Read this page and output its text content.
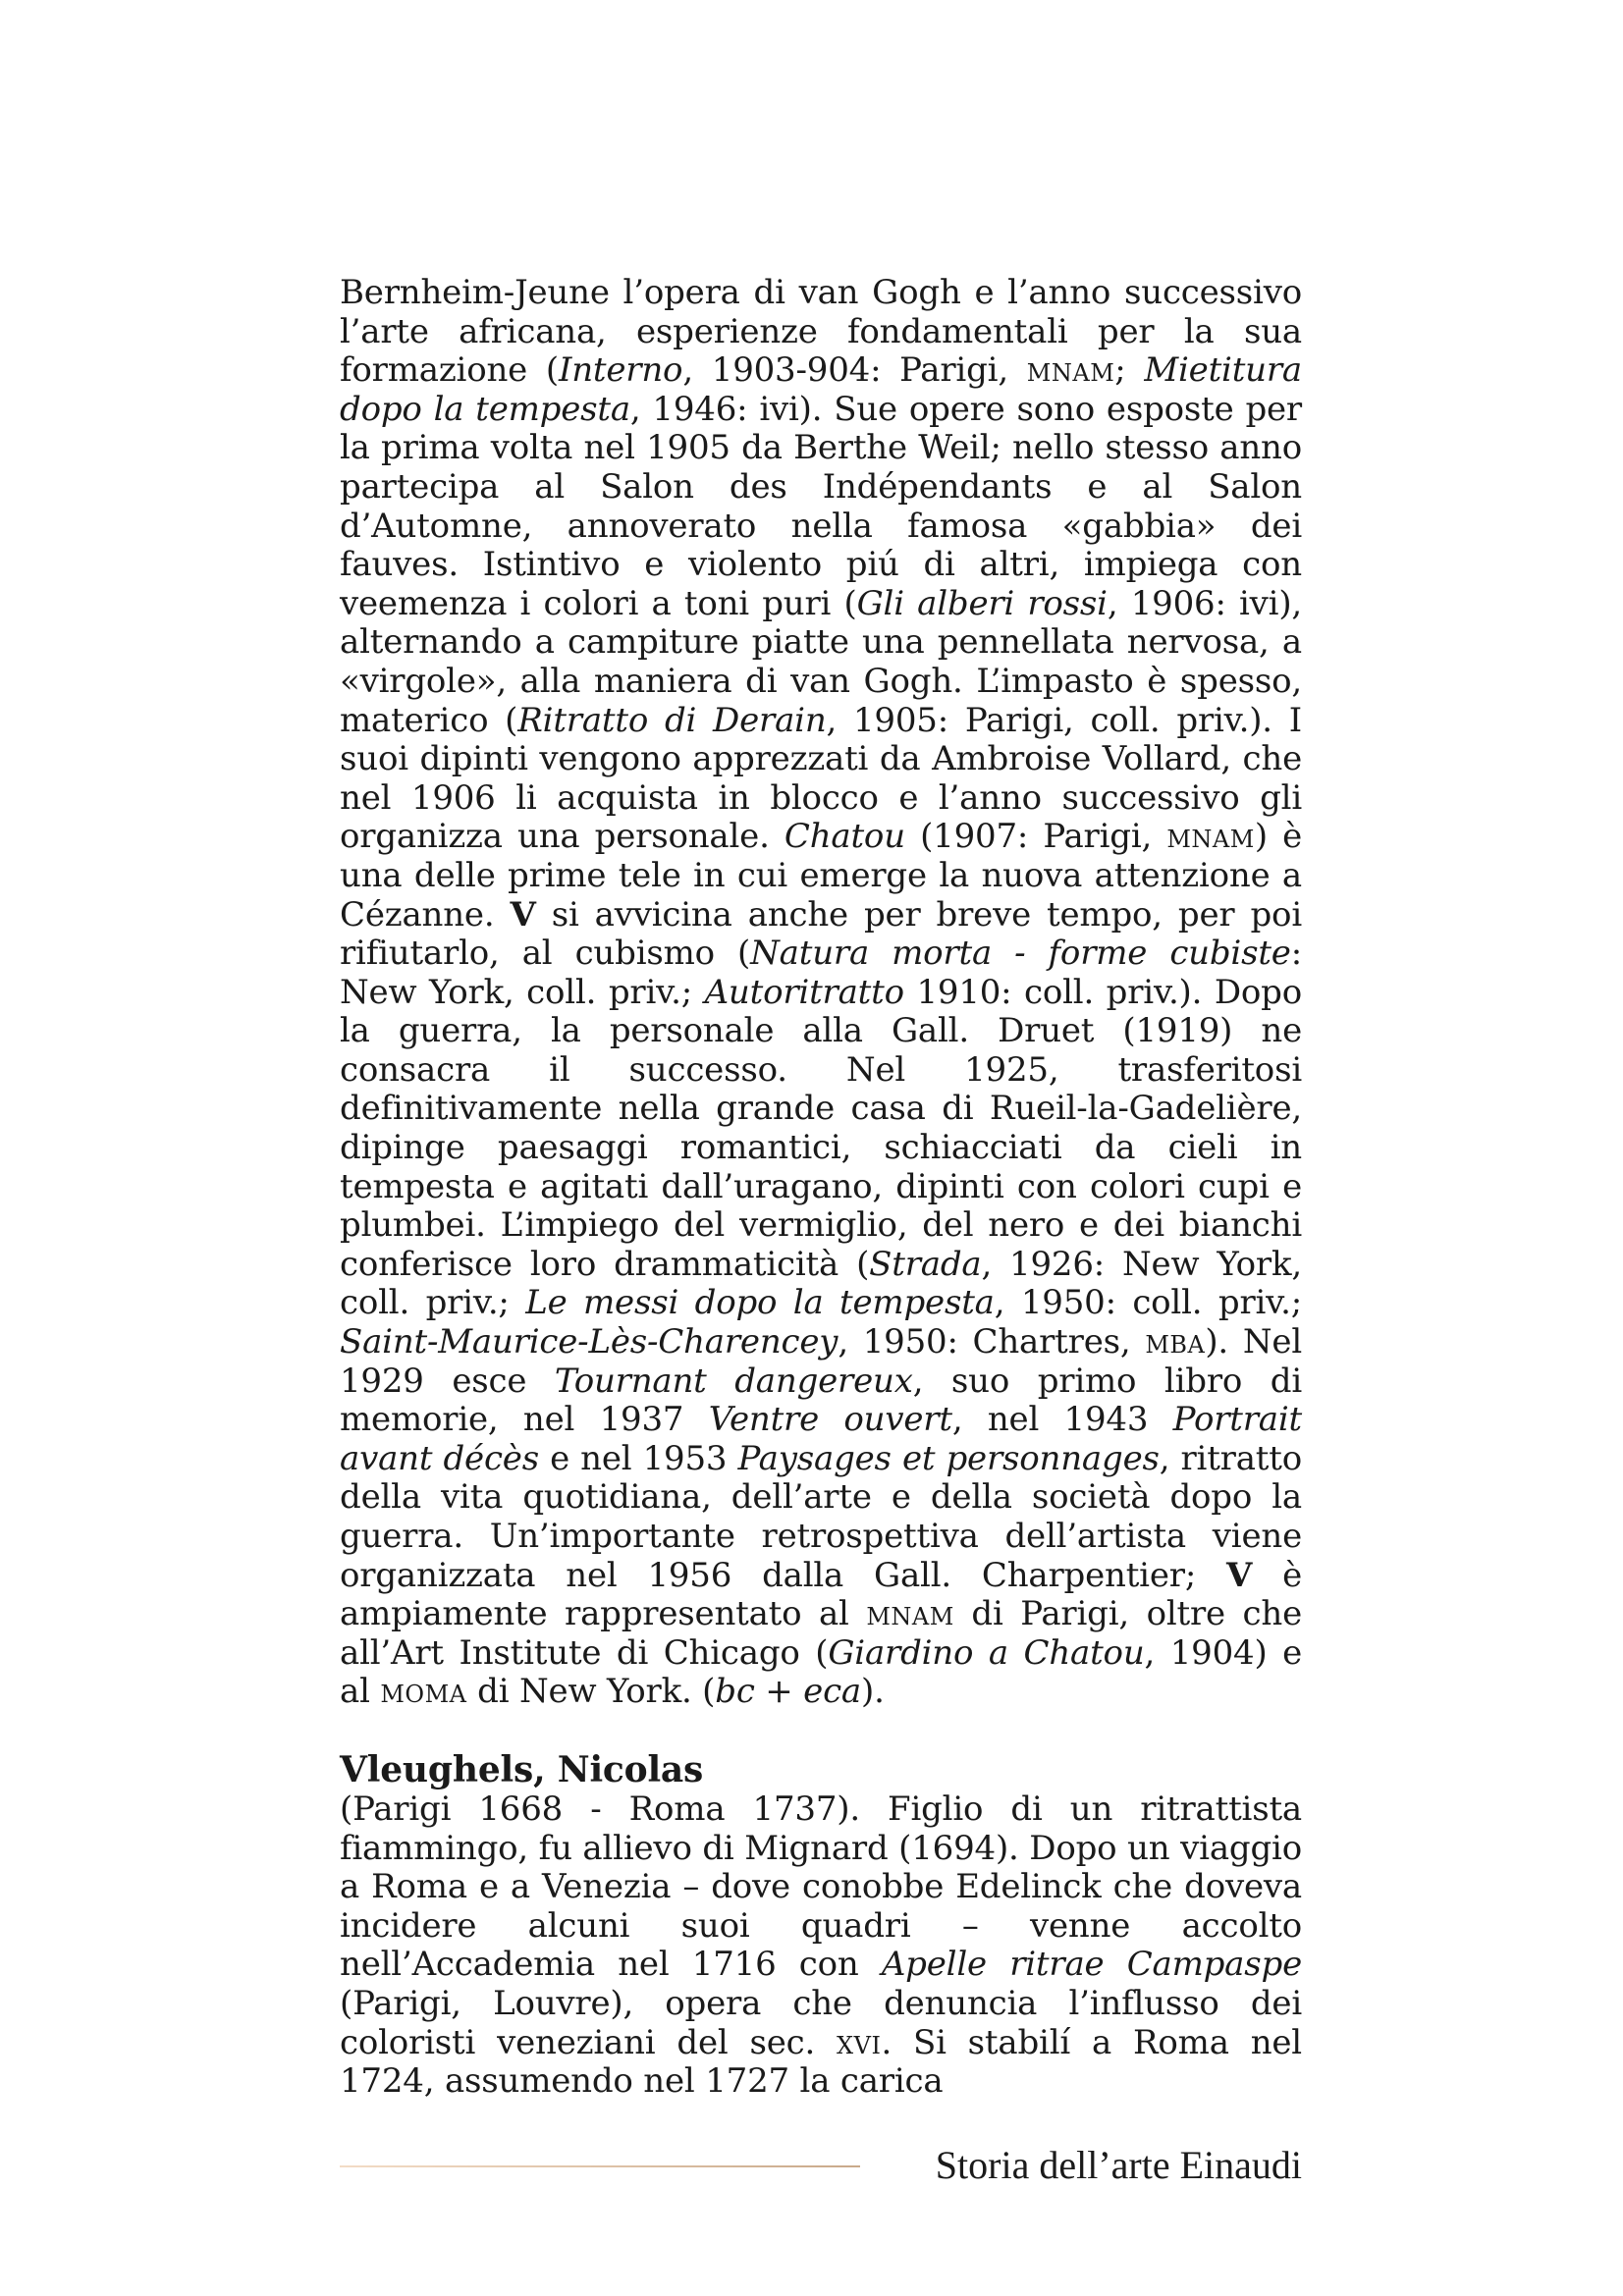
Bernheim-Jeune l’opera di van Gogh e l’anno successivo l’arte africana, esperienze fondamentali per la sua formazione (Interno, 1903-904: Parigi, mnam; Mietitura dopo la tempesta, 1946: ivi). Sue opere sono esposte per la prima volta nel 1905 da Berthe Weil; nello stesso anno partecipa al Salon des Indépendants e al Salon d’Automne, annoverato nella famosa «gabbia» dei fauves. Istintivo e violento piú di altri, impiega con veemenza i colori a toni puri (Gli alberi rossi, 1906: ivi), alternando a campiture piatte una pennellata nervosa, a «virgole», alla maniera di van Gogh. L’impasto è spesso, materico (Ritratto di Derain, 1905: Parigi, coll. priv.). I suoi dipinti vengono apprezzati da Ambroise Vollard, che nel 1906 li acquista in blocco e l’anno successivo gli organizza una personale. Chatou (1907: Parigi, mnam) è una delle prime tele in cui emerge la nuova attenzione a Cézanne. V si avvicina anche per breve tempo, per poi rifiutarlo, al cubismo (Natura morta - forme cubiste: New York, coll. priv.; Autoritratto 1910: coll. priv.). Dopo la guerra, la personale alla Gall. Druet (1919) ne consacra il successo. Nel 1925, trasferitosi definitivamente nella grande casa di Rueil-la-Gadelière, dipinge paesaggi romantici, schiacciati da cieli in tempesta e agitati dall’uragano, dipinti con colori cupi e plumbei. L’impiego del vermiglio, del nero e dei bianchi conferisce loro drammaticità (Strada, 1926: New York, coll. priv.; Le messi dopo la tempesta, 1950: coll. priv.; Saint-Maurice-Lès-Charencey, 1950: Chartres, mba). Nel 1929 esce Tournant dangereux, suo primo libro di memorie, nel 1937 Ventre ouvert, nel 1943 Portrait avant décès e nel 1953 Paysages et personnages, ritratto della vita quotidiana, dell’arte e della società dopo la guerra. Un’importante retrospettiva dell’artista viene organizzata nel 1956 dalla Gall. Charpentier; V è ampiamente rappresentato al mnam di Parigi, oltre che all’Art Institute di Chicago (Giardino a Chatou, 1904) e al moma di New York. (bc + eca).

Vleughels, Nicolas

(Parigi 1668 - Roma 1737). Figlio di un ritrattista fiammingo, fu allievo di Mignard (1694). Dopo un viaggio a Roma e a Venezia – dove conobbe Edelinck che doveva incidere alcuni suoi quadri – venne accolto nell’Accademia nel 1716 con Apelle ritrae Campaspe (Parigi, Louvre), opera che denuncia l’influsso dei coloristi veneziani del sec. xvi. Si stabilí a Roma nel 1724, assumendo nel 1727 la carica

Storia dell’arte Einaudi
